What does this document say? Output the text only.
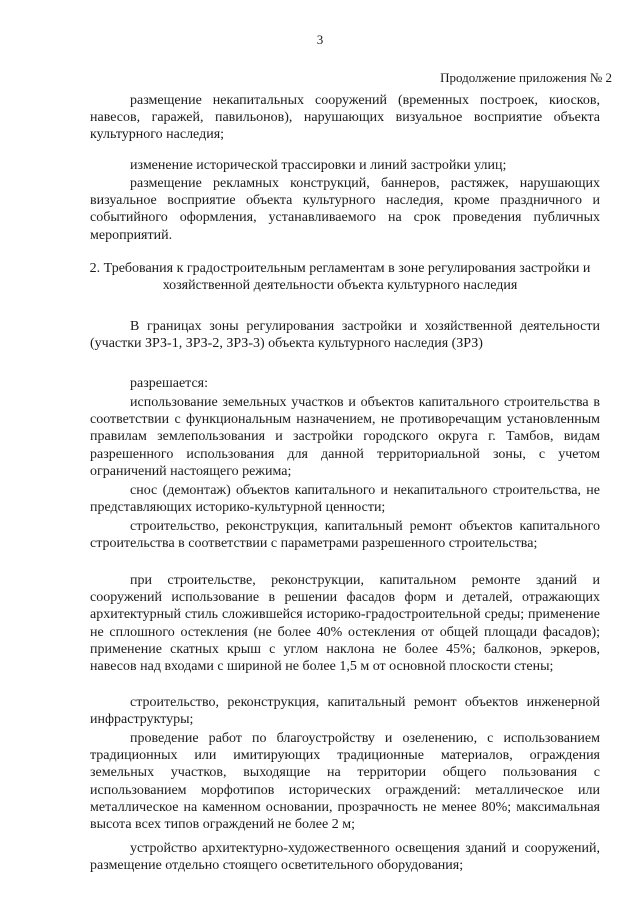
3
Продолжение приложения № 2

размещение некапитальных сооружений (временных построек, киосков, навесов, гаражей, павильонов), нарушающих визуальное восприятие объекта культурного наследия;

изменение исторической трассировки и линий застройки улиц;

размещение рекламных конструкций, баннеров, растяжек, нарушающих визуальное восприятие объекта культурного наследия, кроме праздничного и событийного оформления, устанавливаемого на срок проведения публичных мероприятий.

2. Требования к градостроительным регламентам в зоне регулирования застройки и хозяйственной деятельности объекта культурного наследия

В границах зоны регулирования застройки и хозяйственной деятельности (участки ЗРЗ-1, ЗРЗ-2, ЗРЗ-3) объекта культурного наследия (ЗРЗ)

разрешается:

использование земельных участков и объектов капитального строительства в соответствии с функциональным назначением, не противоречащим установленным правилам землепользования и застройки городского округа г. Тамбов, видам разрешенного использования для данной территориальной зоны, с учетом ограничений настоящего режима;

снос (демонтаж) объектов капитального и некапитального строительства, не представляющих историко-культурной ценности;

строительство, реконструкция, капитальный ремонт объектов капитального строительства в соответствии с параметрами разрешенного строительства;

при строительстве, реконструкции, капитальном ремонте зданий и сооружений использование в решении фасадов форм и деталей, отражающих архитектурный стиль сложившейся историко-градостроительной среды; применение не сплошного остекления (не более 40% остекления от общей площади фасадов); применение скатных крыш с углом наклона не более 45%; балконов, эркеров, навесов над входами с шириной не более 1,5 м от основной плоскости стены;

строительство, реконструкция, капитальный ремонт объектов инженерной инфраструктуры;

проведение работ по благоустройству и озеленению, с использованием традиционных или имитирующих традиционные материалов, ограждения земельных участков, выходящие на территории общего пользования с использованием морфотипов исторических ограждений: металлическое или металлическое на каменном основании, прозрачность не менее 80%; максимальная высота всех типов ограждений не более 2 м;

устройство архитектурно-художественного освещения зданий и сооружений, размещение отдельно стоящего осветительного оборудования;
